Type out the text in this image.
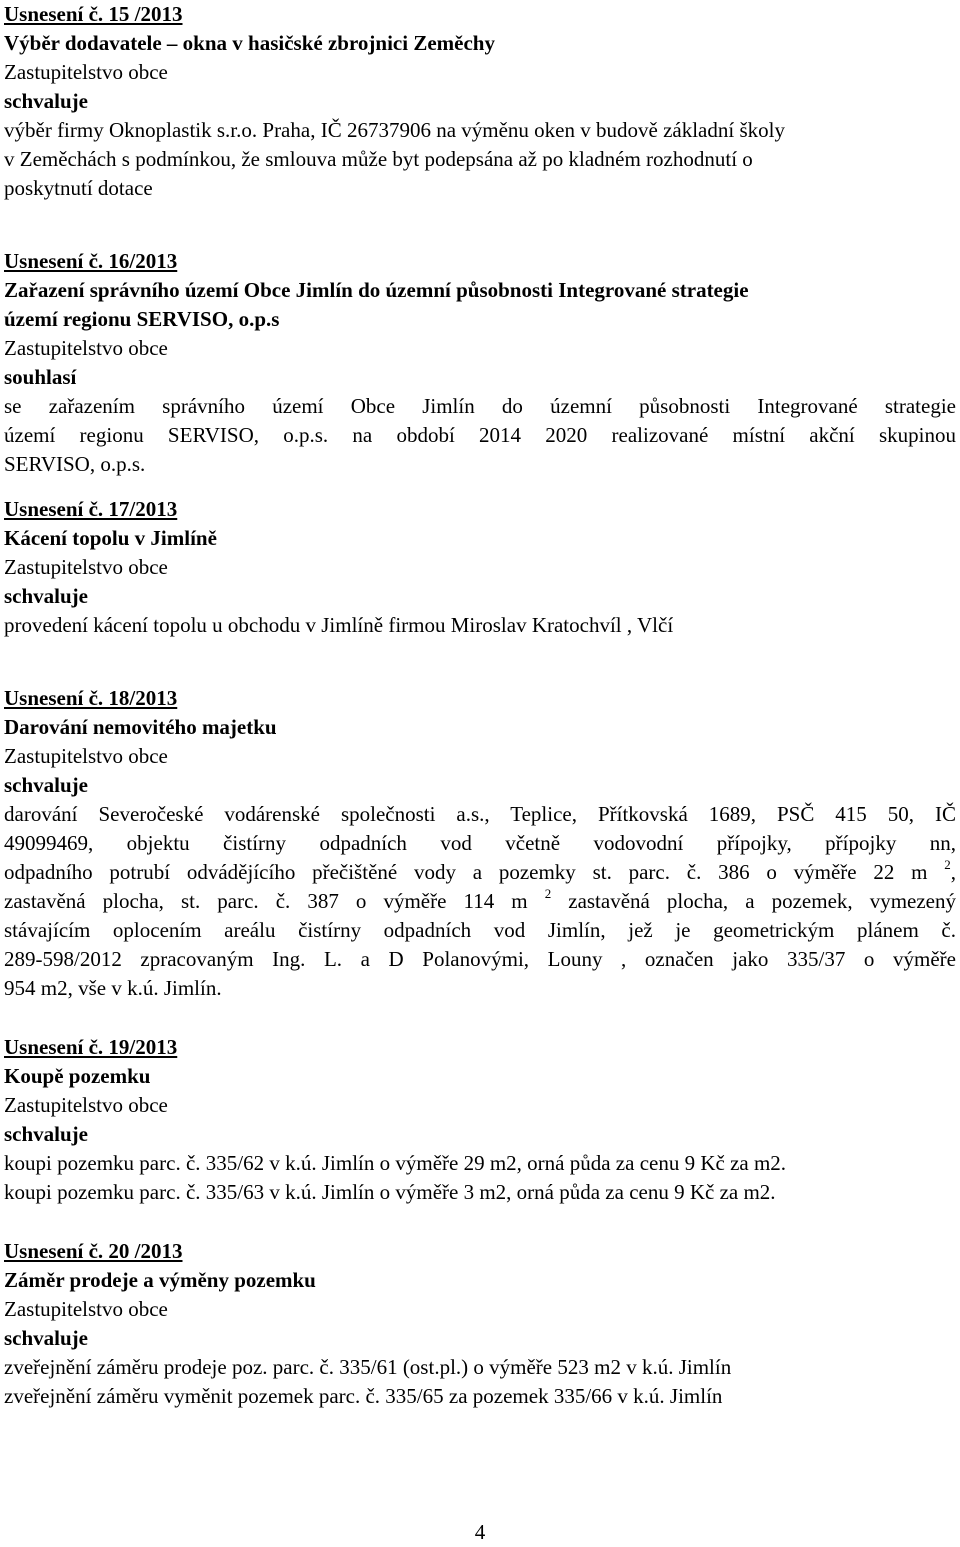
Usnesení č. 15 /2013

Výběr dodavatele – okna v hasičské zbrojnici Zeměchy

Zastupitelstvo obce

schvaluje

výběr firmy Oknoplastik s.r.o. Praha, IČ 26737906 na výměnu oken v budově základní školy

v Zeměchách s podmínkou, že smlouva může byt podepsána až po kladném rozhodnutí o

poskytnutí dotace

Usnesení č. 16/2013

Zařazení správního území Obce Jimlín do územní působnosti Integrované strategie

území regionu SERVISO, o.p.s

Zastupitelstvo obce

souhlasí

se zařazením správního území Obce Jimlín do územní působnosti Integrované strategie

území regionu SERVISO, o.p.s. na období 2014 2020 realizované místní akční skupinou

SERVISO, o.p.s.

Usnesení č. 17/2013

Kácení topolu v Jimlíně

Zastupitelstvo obce

schvaluje

provedení kácení topolu u obchodu v Jimlíně firmou Miroslav Kratochvíl , Vlčí

Usnesení č. 18/2013

Darování nemovitého majetku

Zastupitelstvo obce

schvaluje

darování Severočeské vodárenské společnosti a.s., Teplice, Přítkovská 1689, PSČ 415 50, IČ

49099469, objektu čistírny odpadních vod včetně vodovodní přípojky, přípojky nn,

odpadního potrubí odvádějícího přečištěné vody a pozemky st. parc. č. 386 o výměře 22 m $^2$,

zastavěná plocha, st. parc. č. 387 o výměře 114 m $^2$ zastavěná plocha, a pozemek, vymezený

stávajícím oplocením areálu čistírny odpadních vod Jimlín, jež je geometrickým plánem č.

289-598/2012 zpracovaným Ing. L. a D Polanovými, Louny , označen jako 335/37 o výměře

954 m2, vše v k.ú. Jimlín.

Usnesení č. 19/2013

Koupě pozemku

Zastupitelstvo obce

schvaluje

koupi pozemku parc. č. 335/62 v k.ú. Jimlín o výměře 29 m2, orná půda za cenu 9 Kč za m2.

koupi pozemku parc. č. 335/63 v k.ú. Jimlín o výměře 3 m2, orná půda za cenu 9 Kč za m2.

Usnesení č. 20 /2013

Záměr prodeje a výměny pozemku

Zastupitelstvo obce

schvaluje

zveřejnění záměru prodeje poz. parc. č. 335/61 (ost.pl.) o výměře 523 m2 v k.ú. Jimlín

zveřejnění záměru vyměnit pozemek parc. č. 335/65 za pozemek 335/66 v k.ú. Jimlín

4
